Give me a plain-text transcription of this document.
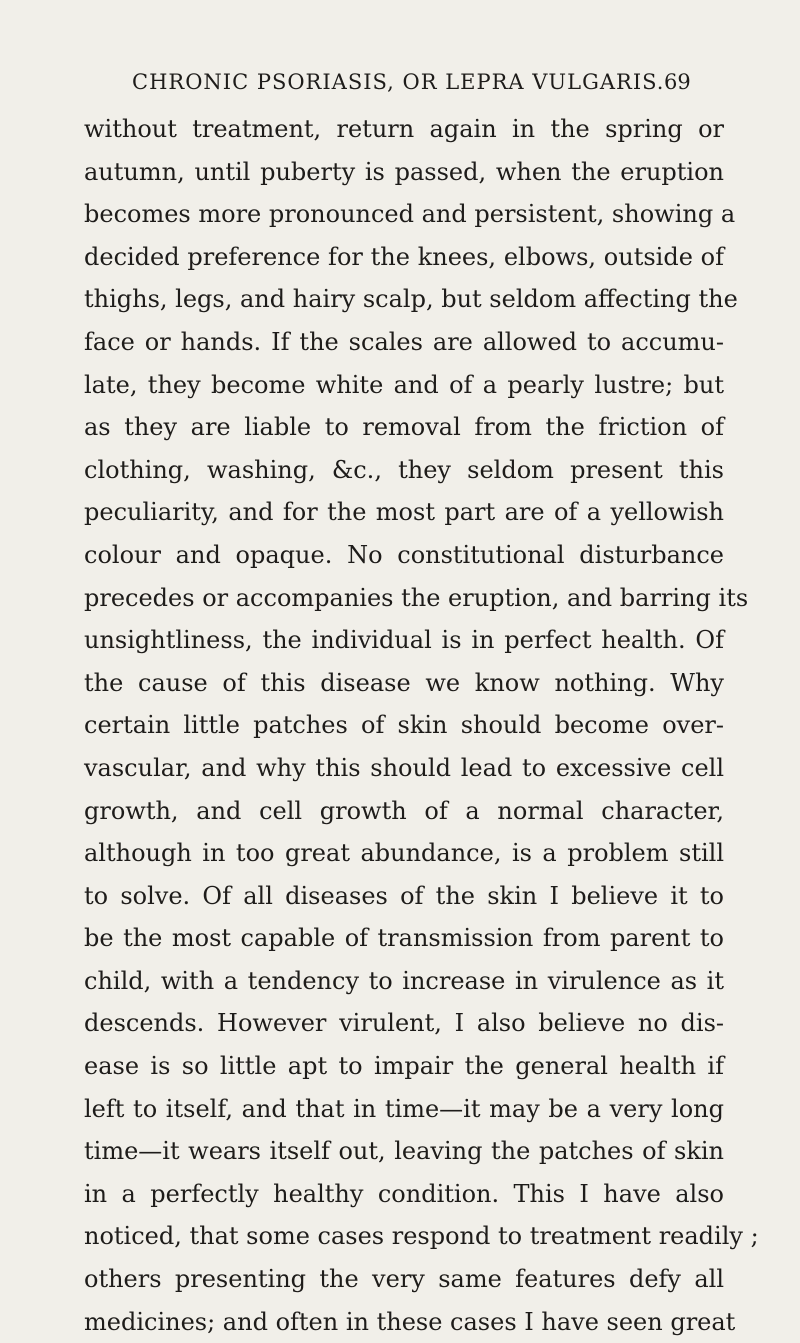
CHRONIC PSORIASIS, OR LEPRA VULGARIS. 69
without treatment, return again in the spring or
autumn, until puberty is passed, when the eruption
becomes more pronounced and persistent, showing a
decided preference for the knees, elbows, outside of
thighs, legs, and hairy scalp, but seldom affecting the
face or hands. If the scales are allowed to accumu-
late, they become white and of a pearly lustre; but
as they are liable to removal from the friction of
clothing, washing, &c., they seldom present this
peculiarity, and for the most part are of a yellowish
colour and opaque. No constitutional disturbance
precedes or accompanies the eruption, and barring its
unsightliness, the individual is in perfect health. Of
the cause of this disease we know nothing. Why
certain little patches of skin should become over-
vascular, and why this should lead to excessive cell
growth, and cell growth of a normal character,
although in too great abundance, is a problem still
to solve. Of all diseases of the skin I believe it to
be the most capable of transmission from parent to
child, with a tendency to increase in virulence as it
descends. However virulent, I also believe no dis-
ease is so little apt to impair the general health if
left to itself, and that in time—it may be a very long
time—it wears itself out, leaving the patches of skin
in a perfectly healthy condition. This I have also
noticed, that some cases respond to treatment readily ;
others presenting the very same features defy all
medicines; and often in these cases I have seen great
